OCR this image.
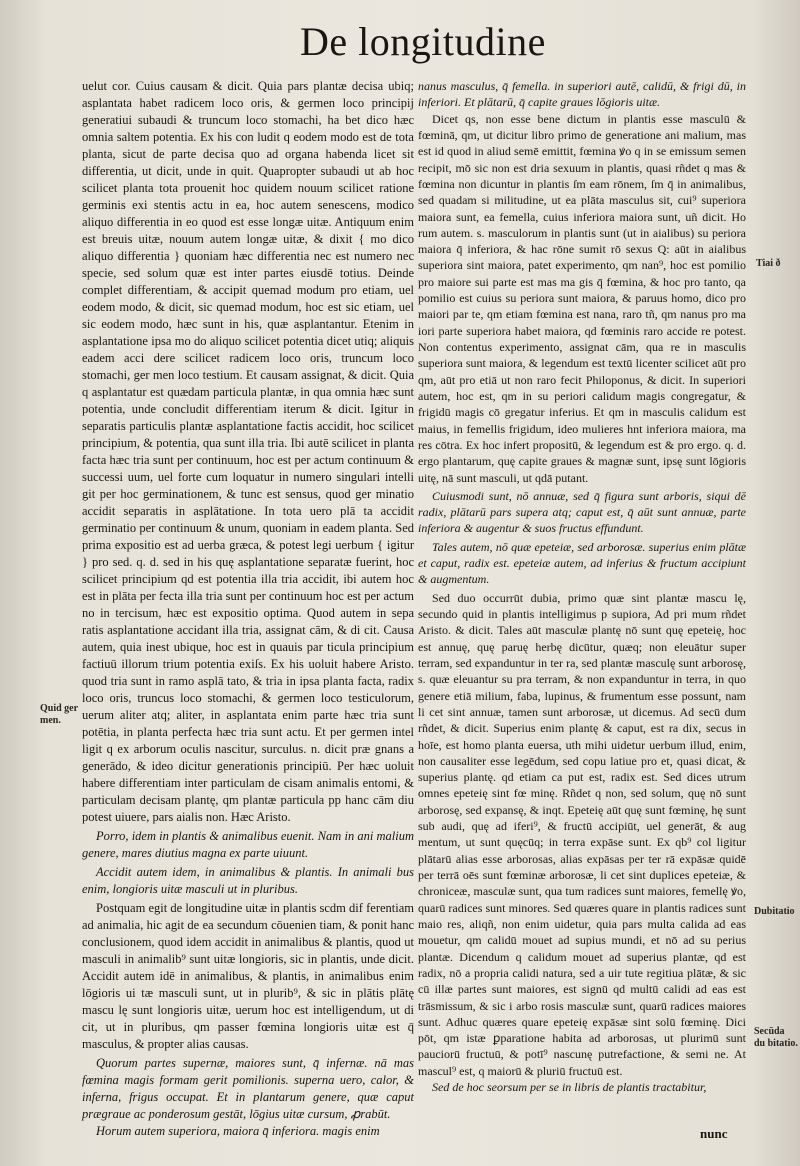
De longitudine

uelut cor. Cuius causam & dicit. Quia pars plantæ decisa ubiq; asplantata habet radicem loco oris, & germen loco principij generatiui subaudi & truncum loco stomachi, ha bet dico hæc omnia saltem potentia. Ex his con ludit q eodem modo est de tota planta, sicut de parte decisa quo ad organa habenda licet sit differentia, ut dicit, unde in quit. Quapropter subaudi ut ab hoc scilicet planta tota prouenit hoc quidem nouum scilicet ratione germinis exi stentis actu in ea, hoc autem senescens, modico aliquo differentia in eo quod est esse longæ uitæ. Antiquum enim est breuis uitæ, nouum autem longæ uitæ, & dixit { mo dico aliquo differentia } quoniam hæc differentia nec est numero nec specie, sed solum quæ est inter partes eiusdē totius. Deinde complet differentiam, & accipit quemad modum pro etiam, uel eodem modo, & dicit, sic quemad modum, hoc est sic etiam, uel sic eodem modo, hæc sunt in his, quæ asplantantur. Etenim in asplantatione ipsa mo do aliquo scilicet potentia dicet utiq; aliquis eadem acci dere scilicet radicem loco oris, truncum loco stomachi, ger men loco testium. Et causam assignat, & dicit. Quia q asplantatur est quædam particula plantæ, in qua omnia hæc sunt potentia, unde concludit differentiam iterum & dicit. Igitur in separatis particulis plantæ asplantatione factis accidit, hoc scilicet principium, & potentia, qua sunt illa tria. Ibi autē scilicet in planta facta hæc tria sunt per continuum, hoc est per actum continuum & successi uum, uel forte cum loquatur in numero singulari intelli git per hoc germinationem, & tunc est sensus, quod ger minatio accidit separatis in asplātatione. In tota uero plā ta accidit germinatio per continuum & unum, quoniam in eadem planta. Sed prima expositio est ad uerba græca, & potest legi uerbum { igitur } pro sed. q. d. sed in his quę asplantatione separatæ fuerint, hoc scilicet principium qd est potentia illa tria accidit, ibi autem hoc est in plāta per fecta illa tria sunt per continuum hoc est per actum no in tercisum, hæc est expositio optima. Quod autem in sepa ratis asplantatione accidant illa tria, assignat cām, & di cit. Causa autem, quia inest ubique, hoc est in quauis par ticula principium factiuū illorum trium potentia exiſs. Ex his uoluit habere Aristo. quod tria sunt in ramo asplā tato, & tria in ipsa planta facta, radix loco oris, truncus loco stomachi, & germen loco testiculorum, uerum aliter atq; aliter, in asplantata enim parte hæc tria sunt potētia, in planta perfecta hæc tria sunt actu. Et per germen intel ligit q ex arborum oculis nascitur, surculus. n. dicit præ gnans a generādo, & ideo dicitur generationis principiū. Per hæc uoluit habere differentiam inter particulam de cisam animalis entomi, & particulam decisam plantę, qm plantæ particula pp hanc cām diu potest uiuere, pars aialis non. Hæc Aristo.

Porro, idem in plantis & animalibus euenit. Nam in ani malium genere, mares diutius magna ex parte uiuunt.

Accidit autem idem, in animalibus & plantis. In animali bus enim, longioris uitæ masculi ut in pluribus.

Postquam egit de longitudine uitæ in plantis scdm dif ferentiam ad animalia, hic agit de ea secundum cōuenien tiam, & ponit hanc conclusionem, quod idem accidit in animalibus & plantis, quod ut masculi in animalib⁹ sunt uitæ longioris, sic in plantis, unde dicit. Accidit autem idē in animalibus, & plantis, in animalibus enim lōgioris ui tæ masculi sunt, ut in plurib⁹, & sic in plātis plātę mascu lę sunt longioris uitæ, uerum hoc est intelligendum, ut di cit, ut in pluribus, qm passer fœmina longioris uitæ est q̄ masculus, & propter alias causas.

Quorum partes supernæ, maiores sunt, q̄ infernæ. nā mas fœmina magis formam gerit pomilionis. superna uero, calor, & inferna, frigus occupat. Et in plantarum genere, quæ caput prægraue ac ponderosum gestāt, lōgius uitæ cursum, ꝓrabūt.

Horum autem superiora, maiora q̄ inferiora. magis enim

nanus masculus, q̄ femella. in superiori autē, calidū, & frigi dū, in inferiori. Et plātarū, q̄ capite graues lōgioris uitæ.

Dicet qs, non esse bene dictum in plantis esse masculū & fœminā, qm, ut dicitur libro primo de generatione ani malium, mas est id quod in aliud semē emittit, fœmina ꝟo q in se emissum semen recipit, mō sic non est dria sexuum in plantis, quasi rñdet q mas & fœmina non dicuntur in plantis ſm eam rōnem, ſm q̄ in animalibus, sed quadam si militudine, ut ea plāta masculus sit, cui⁹ superiora maiora sunt, ea femella, cuius inferiora maiora sunt, uñ dicit. Ho rum autem. s. masculorum in plantis sunt (ut in aialibus) su periora maiora q̄ inferiora, & hac rōne sumit rō sexus Q: aūt in aialibus superiora sint maiora, patet experimento, qm nan⁹, hoc est pomilio pro maiore sui parte est mas ma gis q̄ fœmina, & hoc pro tanto, qa pomilio est cuius su periora sunt maiora, & paruus homo, dico pro maiori par te, qm etiam fœmina est nana, raro tñ, qm nanus pro ma iori parte superiora habet maiora, qd fœminis raro accide re potest. Non contentus experimento, assignat cām, qua re in masculis superiora sunt maiora, & legendum est textū licenter scilicet aūt pro qm, aūt pro etiā ut non raro fecit Philoponus, & dicit. In superiori autem, hoc est, qm in su periori calidum magis congregatur, & frigidū magis cō gregatur inferius. Et qm in masculis calidum est maius, in femellis frigidum, ideo mulieres hnt inferiora maiora, ma res cōtra. Ex hoc infert propositū, & legendum est & pro ergo. q. d. ergo plantarum, quę capite graues & magnæ sunt, ipsę sunt lōgioris uitę, nā sunt masculi, ut qdā putant.

Cuiusmodi sunt, nō annuæ, sed q̄ figura sunt arboris, siqui dē radix, plātarū pars supera atq; caput est, q̄ aūt sunt annuæ, parte inferiora & augentur & suos fructus effundunt.

Tales autem, nō quæ epeteiæ, sed arborosæ. superius enim plātæ et caput, radix est. epeteiæ autem, ad inferius & fructum accipiunt & augmentum.

Sed duo occurrūt dubia, primo quæ sint plantæ mascu lę, secundo quid in plantis intelligimus p supiora, Ad pri mum rñdet Aristo. & dicit. Tales aūt masculæ plantę nō sunt quę epeteię, hoc est annuę, quę paruę herbę dicūtur, quæq; non eleuātur super terram, sed expanduntur in ter ra, sed plantæ masculę sunt arborosę, s. quæ eleuantur su pra terram, & non expanduntur in terra, in quo genere etiā milium, faba, lupinus, & frumentum esse possunt, nam li cet sint annuæ, tamen sunt arborosæ, ut dicemus. Ad secū dum rñdet, & dicit. Superius enim plantę & caput, est ra dix, secus in hoīe, est homo planta euersa, uth mihi uidetur uerbum illud, enim, non causaliter esse legēdum, sed copu latiue pro et, quasi dicat, & superius plantę. qd etiam ca put est, radix est. Sed dices utrum omnes epeteię sint fœ minę. Rñdet q non, sed solum, quę nō sunt arborosę, sed expansę, & inqt. Epeteię aūt quę sunt fœminę, hę sunt sub audi, quę ad iferi⁹, & fructū accipiūt, uel generāt, & aug mentum, ut sunt quęcūq; in terra expāse sunt. Ex qb⁹ col ligitur plātarū alias esse arborosas, alias expāsas per ter rā expāsæ quidē per terrā oēs sunt fœminæ arborosæ, li cet sint duplices epeteiæ, & chroniceæ, masculæ sunt, qua tum radices sunt maiores, femellę ꝟo, quarū radices sunt minores. Sed quæres quare in plantis radices sunt maio res, aliqñ, non enim uidetur, quia pars multa calida ad eas mouetur, qm calidū mouet ad supius mundi, et nō ad su perius plantæ. Dicendum q calidum mouet ad superius plantæ, qd est radix, nō a propria calidi natura, sed a uir tute regitiua plātæ, & sic cū illæ partes sunt maiores, est signū qd multū calidi ad eas est trāsmissum, & sic i arbo rosis masculæ sunt, quarū radices maiores sunt. Adhuc quæres quare epeteię expāsæ sint solū fœminę. Dici pōt, qm istæ ꝑparatione habita ad arborosas, ut plurimū sunt pauciorū fructuū, & potī⁹ nascunę putrefactione, & semi ne. At mascul⁹ est, q maiorū & pluriū fructuū est.

Sed de hoc seorsum per se in libris de plantis tractabitur,

Quid ger men.
Tiai ð
Dubitatio
Secūda du bitatio.
nunc
